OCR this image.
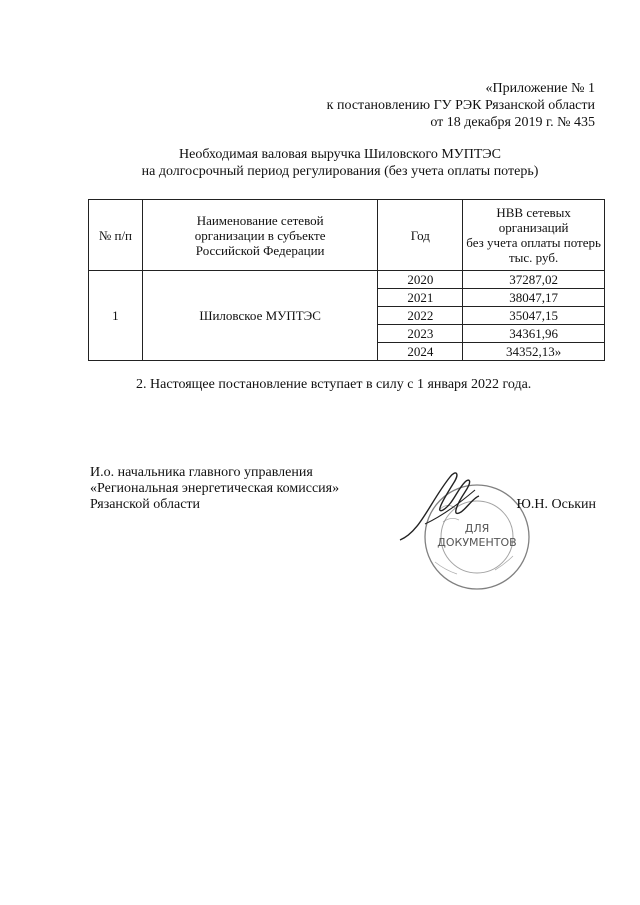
«Приложение № 1
к постановлению ГУ РЭК Рязанской области
от 18 декабря 2019 г. № 435
Необходимая валовая выручка Шиловского МУПТЭС
на долгосрочный период регулирования (без учета оплаты потерь)
№ п/п	Наименование сетевой организации в субъекте Российской Федерации	Год	НВВ сетевых
организаций
без учета оплаты потерь
тыс. руб.

1	Шиловское МУПТЭС	2020	37287,02
		2021	38047,17
		2022	35047,15
		2023	34361,96
		2024	34352,13»
2. Настоящее постановление вступает в силу с 1 января 2022 года.
И.о. начальника главного управления
«Региональная энергетическая комиссия»
Рязанской области
ДЛЯ
ДОКУМЕНТОВ
Ю.Н. Оськин
